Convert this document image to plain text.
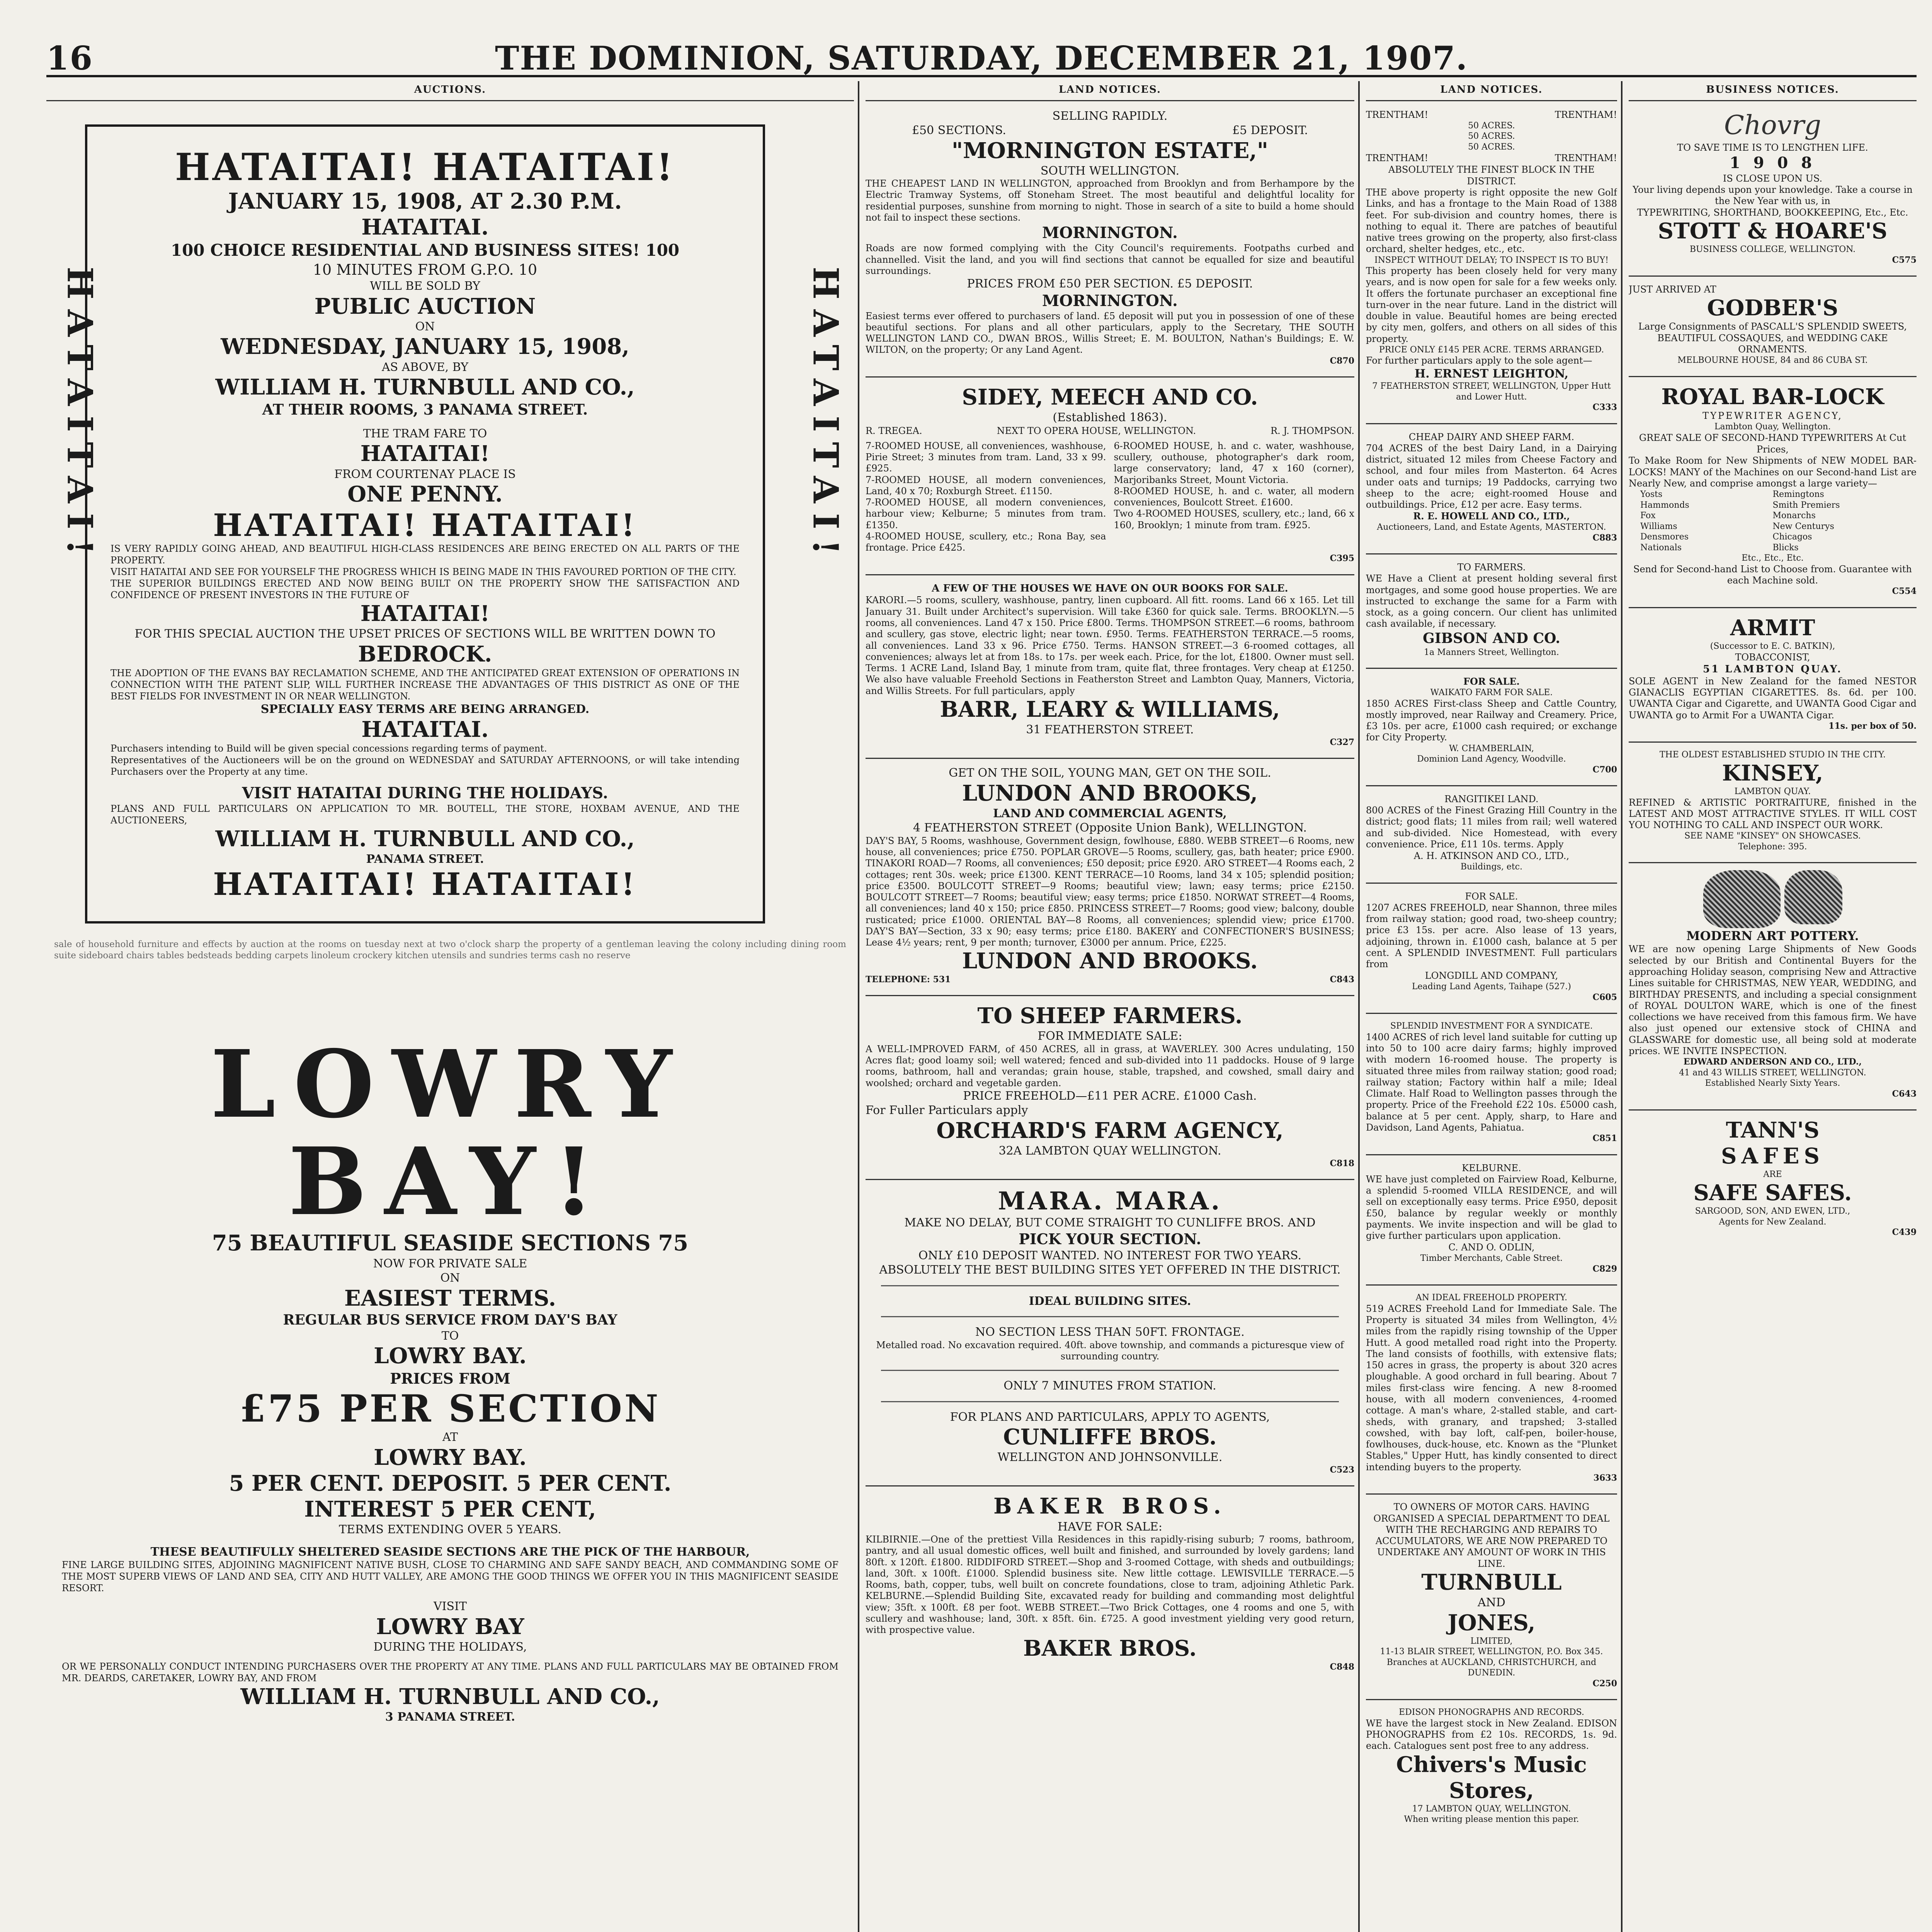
16	THE DOMINION, SATURDAY, DECEMBER 21, 1907.
AUCTIONS.
HATAITAI!	HATAITAI!
HATAITAI! HATAITAI!
JANUARY 15, 1908, AT 2.30 P.M.
HATAITAI.
100 CHOICE RESIDENTIAL AND BUSINESS SITES! 100
10 MINUTES FROM G.P.O. 10
WILL BE SOLD BY
PUBLIC AUCTION
ON
WEDNESDAY, JANUARY 15, 1908,
AS ABOVE, BY
WILLIAM H. TURNBULL AND CO.,
AT THEIR ROOMS, 3 PANAMA STREET.
THE TRAM FARE TO
HATAITAI!
FROM COURTENAY PLACE IS
ONE PENNY.
HATAITAI! HATAITAI!
IS VERY RAPIDLY GOING AHEAD, AND BEAUTIFUL HIGH-CLASS RESIDENCES ARE BEING ERECTED ON ALL PARTS OF THE PROPERTY.
VISIT HATAITAI AND SEE FOR YOURSELF THE PROGRESS WHICH IS BEING MADE IN THIS FAVOURED PORTION OF THE CITY.
THE SUPERIOR BUILDINGS ERECTED AND NOW BEING BUILT ON THE PROPERTY SHOW THE SATISFACTION AND CONFIDENCE OF PRESENT INVESTORS IN THE FUTURE OF
HATAITAI!
FOR THIS SPECIAL AUCTION THE UPSET PRICES OF SECTIONS WILL BE WRITTEN DOWN TO
BEDROCK.
THE ADOPTION OF THE EVANS BAY RECLAMATION SCHEME, AND THE ANTICIPATED GREAT EXTENSION OF OPERATIONS IN CONNECTION WITH THE PATENT SLIP, WILL FURTHER INCREASE THE ADVANTAGES OF THIS DISTRICT AS ONE OF THE BEST FIELDS FOR INVESTMENT IN OR NEAR WELLINGTON.
SPECIALLY EASY TERMS ARE BEING ARRANGED.
HATAITAI.
Purchasers intending to Build will be given special concessions regarding terms of payment.
Representatives of the Auctioneers will be on the ground on WEDNESDAY and SATURDAY AFTERNOONS, or will take intending Purchasers over the Property at any time.
VISIT HATAITAI DURING THE HOLIDAYS.
PLANS AND FULL PARTICULARS ON APPLICATION TO MR. BOUTELL, THE STORE, HOXBAM AVENUE, AND THE AUCTIONEERS,
WILLIAM H. TURNBULL AND CO.,
PANAMA STREET.
HATAITAI! HATAITAI!
sale of household furniture and effects by auction at the rooms on tuesday next at two o'clock sharp the property of a gentleman leaving the colony including dining room suite sideboard chairs tables bedsteads bedding carpets linoleum crockery kitchen utensils and sundries terms cash no reserve
LOWRY BAY!
75 BEAUTIFUL SEASIDE SECTIONS 75
NOW FOR PRIVATE SALE
ON
EASIEST TERMS.
REGULAR BUS SERVICE FROM DAY'S BAY
TO
LOWRY BAY.
PRICES FROM
£75 PER SECTION
AT
LOWRY BAY.
5 PER CENT. DEPOSIT. 5 PER CENT.
INTEREST 5 PER CENT,
TERMS EXTENDING OVER 5 YEARS.
THESE BEAUTIFULLY SHELTERED SEASIDE SECTIONS ARE THE PICK OF THE HARBOUR,
FINE LARGE BUILDING SITES, ADJOINING MAGNIFICENT NATIVE BUSH, CLOSE TO CHARMING AND SAFE SANDY BEACH, AND COMMANDING SOME OF THE MOST SUPERB VIEWS OF LAND AND SEA, CITY AND HUTT VALLEY, ARE AMONG THE GOOD THINGS WE OFFER YOU IN THIS MAGNIFICENT SEASIDE RESORT.
VISIT
LOWRY BAY
DURING THE HOLIDAYS,
OR WE PERSONALLY CONDUCT INTENDING PURCHASERS OVER THE PROPERTY AT ANY TIME. PLANS AND FULL PARTICULARS MAY BE OBTAINED FROM MR. DEARDS, CARETAKER, LOWRY BAY, AND FROM
WILLIAM H. TURNBULL AND CO.,
3 PANAMA STREET.
LAND NOTICES.
SELLING RAPIDLY.
£50 SECTIONS.	£5 DEPOSIT.
"MORNINGTON ESTATE,"
SOUTH WELLINGTON.
THE CHEAPEST LAND IN WELLINGTON, approached from Brooklyn and from Berhampore by the Electric Tramway Systems, off Stoneham Street. The most beautiful and delightful locality for residential purposes, sunshine from morning to night. Those in search of a site to build a home should not fail to inspect these sections.
MORNINGTON.
Roads are now formed complying with the City Council's requirements. Footpaths curbed and channelled. Visit the land, and you will find sections that cannot be equalled for size and beautiful surroundings.
PRICES FROM £50 PER SECTION. £5 DEPOSIT.
MORNINGTON.
Easiest terms ever offered to purchasers of land. £5 deposit will put you in possession of one of these beautiful sections. For plans and all other particulars, apply to the Secretary, THE SOUTH WELLINGTON LAND CO., DWAN BROS., Willis Street; E. M. BOULTON, Nathan's Buildings; E. W. WILTON, on the property; Or any Land Agent.
C870
SIDEY, MEECH AND CO.
(Established 1863).
R. TREGEA.	NEXT TO OPERA HOUSE, WELLINGTON.	R. J. THOMPSON.
7-ROOMED HOUSE, all conveniences, washhouse, Pirie Street; 3 minutes from tram. Land, 33 x 99. £925.
7-ROOMED HOUSE, all modern conveniences, Land, 40 x 70; Roxburgh Street. £1150.
7-ROOMED HOUSE, all modern conveniences, harbour view; Kelburne; 5 minutes from tram. £1350.
4-ROOMED HOUSE, scullery, etc.; Rona Bay, sea frontage. Price £425.
6-ROOMED HOUSE, h. and c. water, washhouse, scullery, outhouse, photographer's dark room, large conservatory; land, 47 x 160 (corner), Marjoribanks Street, Mount Victoria.
8-ROOMED HOUSE, h. and c. water, all modern conveniences, Boulcott Street. £1600.
Two 4-ROOMED HOUSES, scullery, etc.; land, 66 x 160, Brooklyn; 1 minute from tram. £925.
C395
A FEW OF THE HOUSES WE HAVE ON OUR BOOKS FOR SALE.
KARORI.—5 rooms, scullery, washhouse, pantry, linen cupboard. All fitt. rooms. Land 66 x 165. Let till January 31. Built under Architect's supervision. Will take £360 for quick sale. Terms. BROOKLYN.—5 rooms, all conveniences. Land 47 x 150. Price £800. Terms. THOMPSON STREET.—6 rooms, bathroom and scullery, gas stove, electric light; near town. £950. Terms. FEATHERSTON TERRACE.—5 rooms, all conveniences. Land 33 x 96. Price £750. Terms. HANSON STREET.—3 6-roomed cottages, all conveniences; always let at from 18s. to 17s. per week each. Price, for the lot, £1800. Owner must sell. Terms. 1 ACRE Land, Island Bay, 1 minute from tram, quite flat, three frontages. Very cheap at £1250. We also have valuable Freehold Sections in Featherston Street and Lambton Quay, Manners, Victoria, and Willis Streets. For full particulars, apply
BARR, LEARY & WILLIAMS,
31 FEATHERSTON STREET.
C327
GET ON THE SOIL, YOUNG MAN, GET ON THE SOIL.
LUNDON AND BROOKS,
LAND AND COMMERCIAL AGENTS,
4 FEATHERSTON STREET (Opposite Union Bank), WELLINGTON.
DAY'S BAY, 5 Rooms, washhouse, Government design, fowlhouse, £880. WEBB STREET—6 Rooms, new house, all conveniences; price £750. POPLAR GROVE—5 Rooms, scullery, gas, bath heater; price £900. TINAKORI ROAD—7 Rooms, all conveniences; £50 deposit; price £920. ARO STREET—4 Rooms each, 2 cottages; rent 30s. week; price £1300. KENT TERRACE—10 Rooms, land 34 x 105; splendid position; price £3500. BOULCOTT STREET—9 Rooms; beautiful view; lawn; easy terms; price £2150. BOULCOTT STREET—7 Rooms; beautiful view; easy terms; price £1850. NORWAT STREET—4 Rooms, all conveniences; land 40 x 150; price £850. PRINCESS STREET—7 Rooms; good view; balcony, double rusticated; price £1000. ORIENTAL BAY—8 Rooms, all conveniences; splendid view; price £1700. DAY'S BAY—Section, 33 x 90; easy terms; price £180. BAKERY and CONFECTIONER'S BUSINESS; Lease 4½ years; rent, 9 per month; turnover, £3000 per annum. Price, £225.
LUNDON AND BROOKS.
TELEPHONE: 531	C843
TO SHEEP FARMERS.
FOR IMMEDIATE SALE:
A WELL-IMPROVED FARM, of 450 ACRES, all in grass, at WAVERLEY. 300 Acres undulating, 150 Acres flat; good loamy soil; well watered; fenced and sub-divided into 11 paddocks. House of 9 large rooms, bathroom, hall and verandas; grain house, stable, trapshed, and cowshed, small dairy and woolshed; orchard and vegetable garden.
PRICE FREEHOLD—£11 PER ACRE. £1000 Cash.
For Fuller Particulars apply
ORCHARD'S FARM AGENCY,
32A LAMBTON QUAY WELLINGTON.
C818
MARA. MARA.
MAKE NO DELAY, BUT COME STRAIGHT TO CUNLIFFE BROS. AND
PICK YOUR SECTION.
ONLY £10 DEPOSIT WANTED. NO INTEREST FOR TWO YEARS.
ABSOLUTELY THE BEST BUILDING SITES YET OFFERED IN THE DISTRICT.
IDEAL BUILDING SITES.
NO SECTION LESS THAN 50FT. FRONTAGE.
Metalled road. No excavation required. 40ft. above township, and commands a picturesque view of surrounding country.
ONLY 7 MINUTES FROM STATION.
FOR PLANS AND PARTICULARS, APPLY TO AGENTS,
CUNLIFFE BROS.
WELLINGTON AND JOHNSONVILLE.
C523
BAKER BROS.
HAVE FOR SALE:
KILBIRNIE.—One of the prettiest Villa Residences in this rapidly-rising suburb; 7 rooms, bathroom, pantry, and all usual domestic offices, well built and finished, and surrounded by lovely gardens; land 80ft. x 120ft. £1800. RIDDIFORD STREET.—Shop and 3-roomed Cottage, with sheds and outbuildings; land, 30ft. x 100ft. £1000. Splendid business site. New little cottage. LEWISVILLE TERRACE.—5 Rooms, bath, copper, tubs, well built on concrete foundations, close to tram, adjoining Athletic Park. KELBURNE.—Splendid Building Site, excavated ready for building and commanding most delightful view; 35ft. x 100ft. £8 per foot. WEBB STREET.—Two Brick Cottages, one 4 rooms and one 5, with scullery and washhouse; land, 30ft. x 85ft. 6in. £725. A good investment yielding very good return, with prospective value.
BAKER BROS.
C848
LAND NOTICES.
TRENTHAM!	TRENTHAM!
50 ACRES.
50 ACRES.
50 ACRES.
TRENTHAM!	TRENTHAM!
ABSOLUTELY THE FINEST BLOCK IN THE DISTRICT.
THE above property is right opposite the new Golf Links, and has a frontage to the Main Road of 1388 feet. For sub-division and country homes, there is nothing to equal it. There are patches of beautiful native trees growing on the property, also first-class orchard, shelter hedges, etc., etc.
INSPECT WITHOUT DELAY; TO INSPECT IS TO BUY!
This property has been closely held for very many years, and is now open for sale for a few weeks only. It offers the fortunate purchaser an exceptional fine turn-over in the near future. Land in the district will double in value. Beautiful homes are being erected by city men, golfers, and others on all sides of this property.
PRICE ONLY £145 PER ACRE. TERMS ARRANGED.
For further particulars apply to the sole agent—
H. ERNEST LEIGHTON,
7 FEATHERSTON STREET, WELLINGTON, Upper Hutt and Lower Hutt.
C333
CHEAP DAIRY AND SHEEP FARM.
704 ACRES of the best Dairy Land, in a Dairying district, situated 12 miles from Cheese Factory and school, and four miles from Masterton. 64 Acres under oats and turnips; 19 Paddocks, carrying two sheep to the acre; eight-roomed House and outbuildings. Price, £12 per acre. Easy terms.
R. E. HOWELL AND CO., LTD.,
Auctioneers, Land, and Estate Agents, MASTERTON.
C883
TO FARMERS.
WE Have a Client at present holding several first mortgages, and some good house properties. We are instructed to exchange the same for a Farm with stock, as a going concern. Our client has unlimited cash available, if necessary.
GIBSON AND CO.
1a Manners Street, Wellington.
FOR SALE.
WAIKATO FARM FOR SALE.
1850 ACRES First-class Sheep and Cattle Country, mostly improved, near Railway and Creamery. Price, £3 10s. per acre, £1000 cash required; or exchange for City Property.
W. CHAMBERLAIN,
Dominion Land Agency, Woodville.
C700
RANGITIKEI LAND.
800 ACRES of the Finest Grazing Hill Country in the district; good flats; 11 miles from rail; well watered and sub-divided. Nice Homestead, with every convenience. Price, £11 10s. terms. Apply
A. H. ATKINSON AND CO., LTD.,
Buildings, etc.
FOR SALE.
1207 ACRES FREEHOLD, near Shannon, three miles from railway station; good road, two-sheep country; price £3 15s. per acre. Also lease of 13 years, adjoining, thrown in. £1000 cash, balance at 5 per cent. A SPLENDID INVESTMENT. Full particulars from
LONGDILL AND COMPANY,
Leading Land Agents, Taihape (527.)
C605
SPLENDID INVESTMENT FOR A SYNDICATE.
1400 ACRES of rich level land suitable for cutting up into 50 to 100 acre dairy farms; highly improved with modern 16-roomed house. The property is situated three miles from railway station; good road; railway station; Factory within half a mile; Ideal Climate. Half Road to Wellington passes through the property. Price of the Freehold £22 10s. £5000 cash, balance at 5 per cent. Apply, sharp, to Hare and Davidson, Land Agents, Pahiatua.
C851
KELBURNE.
WE have just completed on Fairview Road, Kelburne, a splendid 5-roomed VILLA RESIDENCE, and will sell on exceptionally easy terms. Price £950, deposit £50, balance by regular weekly or monthly payments. We invite inspection and will be glad to give further particulars upon application.
C. AND O. ODLIN,
Timber Merchants, Cable Street.
C829
AN IDEAL FREEHOLD PROPERTY.
519 ACRES Freehold Land for Immediate Sale. The Property is situated 34 miles from Wellington, 4½ miles from the rapidly rising township of the Upper Hutt. A good metalled road right into the Property. The land consists of foothills, with extensive flats; 150 acres in grass, the property is about 320 acres ploughable. A good orchard in full bearing. About 7 miles first-class wire fencing. A new 8-roomed house, with all modern conveniences, 4-roomed cottage. A man's whare, 2-stalled stable, and cart-sheds, with granary, and trapshed; 3-stalled cowshed, with bay loft, calf-pen, boiler-house, fowlhouses, duck-house, etc. Known as the "Plunket Stables," Upper Hutt, has kindly consented to direct intending buyers to the property.
3633
TO OWNERS OF MOTOR CARS. HAVING ORGANISED A SPECIAL DEPARTMENT TO DEAL WITH THE RECHARGING AND REPAIRS TO ACCUMULATORS, WE ARE NOW PREPARED TO UNDERTAKE ANY AMOUNT OF WORK IN THIS LINE.
TURNBULL
AND
JONES,
LIMITED,
11-13 BLAIR STREET, WELLINGTON, P.O. Box 345.
Branches at AUCKLAND, CHRISTCHURCH, and DUNEDIN.
C250
EDISON PHONOGRAPHS AND RECORDS.
WE have the largest stock in New Zealand. EDISON PHONOGRAPHS from £2 10s. RECORDS, 1s. 9d. each. Catalogues sent post free to any address.
Chivers's Music Stores,
17 LAMBTON QUAY, WELLINGTON.
When writing please mention this paper.
BUSINESS NOTICES.
Chovrg
TO SAVE TIME IS TO LENGTHEN LIFE.
1 9 0 8
IS CLOSE UPON US.
Your living depends upon your knowledge. Take a course in the New Year with us, in
TYPEWRITING, SHORTHAND, BOOKKEEPING, Etc., Etc.
STOTT & HOARE'S
BUSINESS COLLEGE, WELLINGTON.
C575
JUST ARRIVED AT
GODBER'S
Large Consignments of PASCALL'S SPLENDID SWEETS, BEAUTIFUL COSSAQUES, and WEDDING CAKE ORNAMENTS.
MELBOURNE HOUSE, 84 and 86 CUBA ST.
ROYAL BAR-LOCK
TYPEWRITER AGENCY,
Lambton Quay, Wellington.
GREAT SALE OF SECOND-HAND TYPEWRITERS At Cut Prices,
To Make Room for New Shipments of NEW MODEL BAR-LOCKS! MANY of the Machines on our Second-hand List are Nearly New, and comprise amongst a large variety—
Yosts	Remingtons
Hammonds	Smith Premiers
Fox	Monarchs
Williams	New Centurys
Densmores	Chicagos
Nationals	Blicks
Etc., Etc., Etc.
Send for Second-hand List to Choose from. Guarantee with each Machine sold.
C554
ARMIT
(Successor to E. C. BATKIN),
TOBACCONIST,
51 LAMBTON QUAY.
SOLE AGENT in New Zealand for the famed NESTOR GIANACLIS EGYPTIAN CIGARETTES. 8s. 6d. per 100. UWANTA Cigar and Cigarette, and UWANTA Good Cigar and UWANTA go to Armit For a UWANTA Cigar.
11s. per box of 50.
THE OLDEST ESTABLISHED STUDIO IN THE CITY.
KINSEY,
LAMBTON QUAY.
REFINED & ARTISTIC PORTRAITURE, finished in the LATEST AND MOST ATTRACTIVE STYLES. IT WILL COST YOU NOTHING TO CALL AND INSPECT OUR WORK.
SEE NAME "KINSEY" ON SHOWCASES.
Telephone: 395.
MODERN ART POTTERY.
WE are now opening Large Shipments of New Goods selected by our British and Continental Buyers for the approaching Holiday season, comprising New and Attractive Lines suitable for CHRISTMAS, NEW YEAR, WEDDING, and BIRTHDAY PRESENTS, and including a special consignment of ROYAL DOULTON WARE, which is one of the finest collections we have received from this famous firm. We have also just opened our extensive stock of CHINA and GLASSWARE for domestic use, all being sold at moderate prices. WE INVITE INSPECTION.
EDWARD ANDERSON AND CO., LTD.,
41 and 43 WILLIS STREET, WELLINGTON.
Established Nearly Sixty Years.
C643
TANN'S
SAFES
ARE
SAFE SAFES.
SARGOOD, SON, AND EWEN, LTD.,
Agents for New Zealand.
C439
